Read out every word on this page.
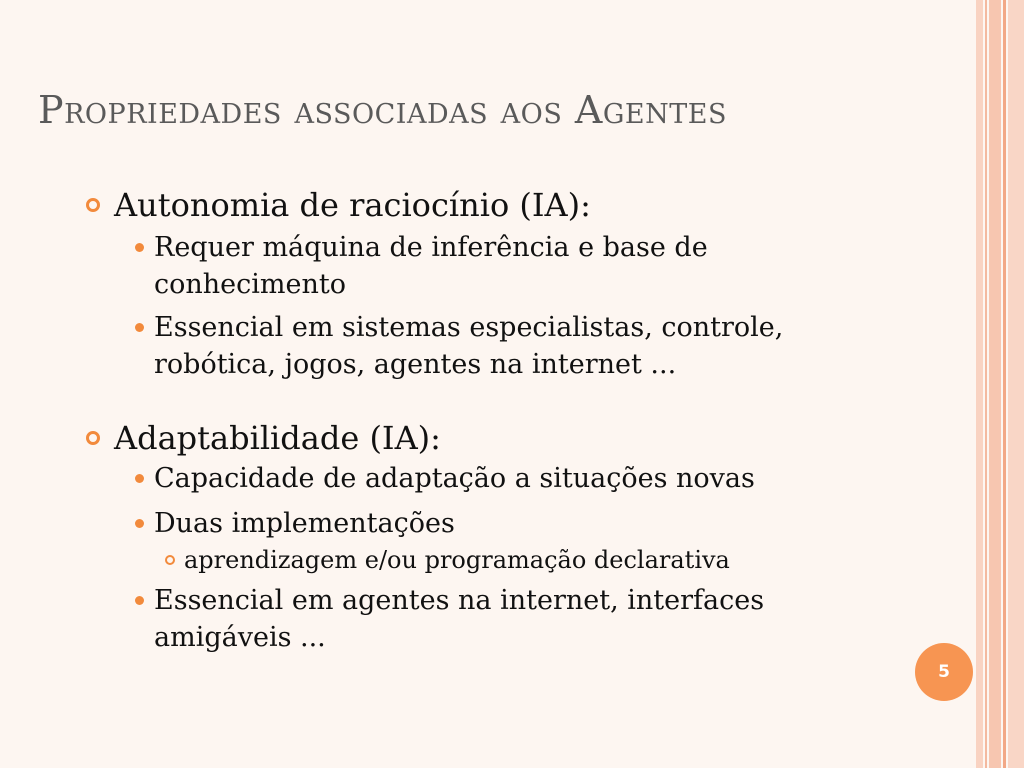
Propriedades associadas aos Agentes
Autonomia de raciocínio (IA):
Requer máquina de inferência e base de conhecimento
Essencial em sistemas especialistas, controle, robótica, jogos, agentes na internet ...
Adaptabilidade (IA):
Capacidade de adaptação a situações novas
Duas implementações
aprendizagem e/ou programação declarativa
Essencial em agentes na internet, interfaces amigáveis ...
5
